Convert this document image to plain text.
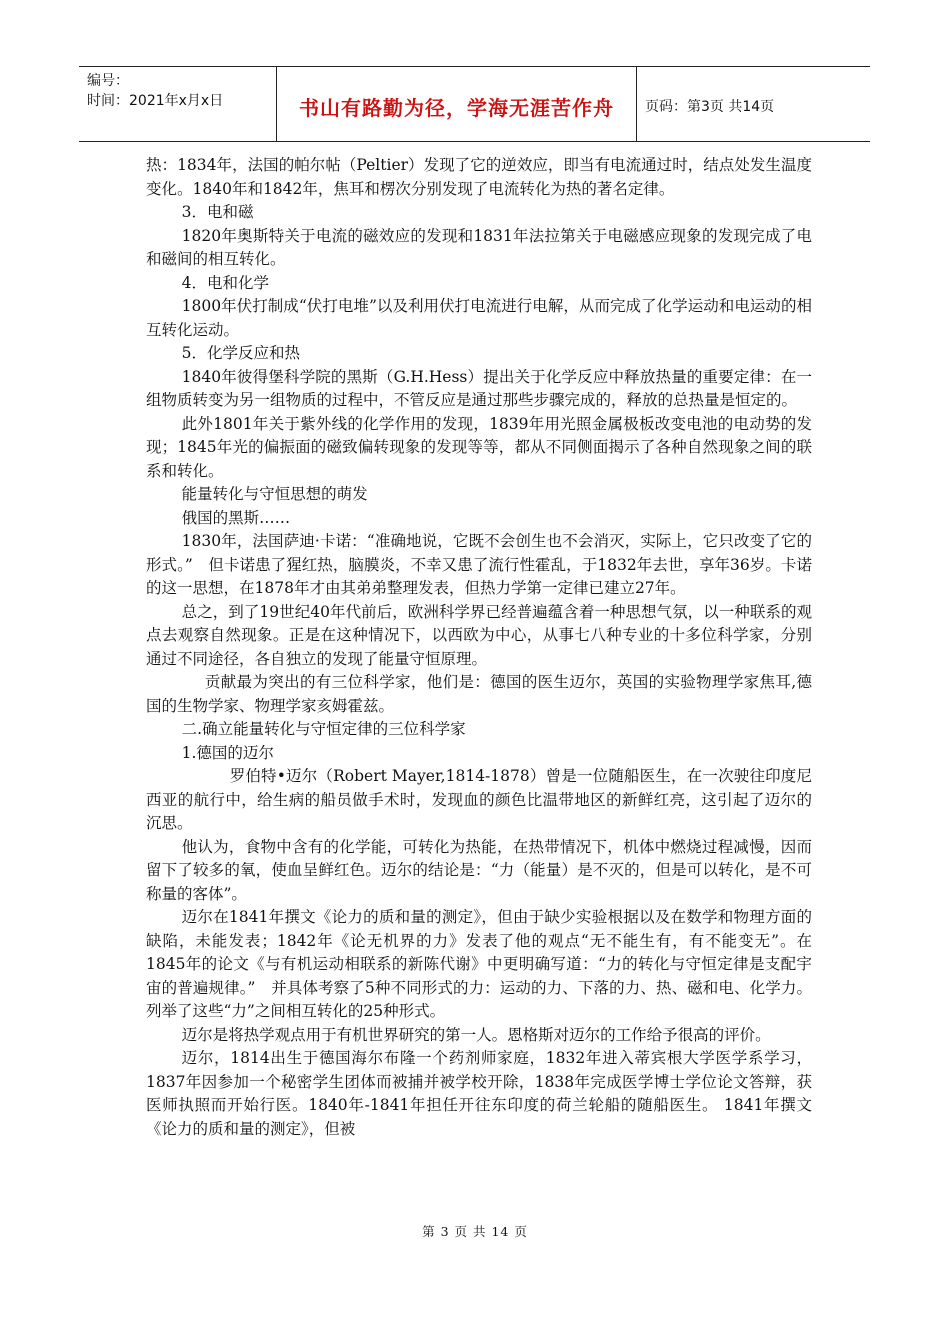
编号：
时间：2021年x月x日	书山有路勤为径，学海无涯苦作舟	页码：第3页 共14页

热：1834年，法国的帕尔帖（Peltier）发现了它的逆效应，即当有电流通过时，结点处发生温度变化。1840年和1842年，焦耳和楞次分别发现了电流转化为热的著名定律。

3．电和磁

1820年奥斯特关于电流的磁效应的发现和1831年法拉第关于电磁感应现象的发现完成了电和磁间的相互转化。

4．电和化学

1800年伏打制成“伏打电堆”以及利用伏打电流进行电解，从而完成了化学运动和电运动的相互转化运动。

5．化学反应和热

1840年彼得堡科学院的黑斯（G.H.Hess）提出关于化学反应中释放热量的重要定律：在一组物质转变为另一组物质的过程中，不管反应是通过那些步骤完成的，释放的总热量是恒定的。

此外1801年关于紫外线的化学作用的发现，1839年用光照金属极板改变电池的电动势的发现；1845年光的偏振面的磁致偏转现象的发现等等，都从不同侧面揭示了各种自然现象之间的联系和转化。

能量转化与守恒思想的萌发

俄国的黑斯……

1830年，法国萨迪·卡诺：“准确地说，它既不会创生也不会消灭，实际上，它只改变了它的形式。”　但卡诺患了猩红热，脑膜炎，不幸又患了流行性霍乱，于1832年去世，享年36岁。卡诺的这一思想，在1878年才由其弟弟整理发表，但热力学第一定律已建立27年。

总之，到了19世纪40年代前后，欧洲科学界已经普遍蕴含着一种思想气氛，以一种联系的观点去观察自然现象。正是在这种情况下，以西欧为中心，从事七八种专业的十多位科学家，分别通过不同途径，各自独立的发现了能量守恒原理。

贡献最为突出的有三位科学家，他们是：德国的医生迈尔，英国的实验物理学家焦耳,德国的生物学家、物理学家亥姆霍兹。

二.确立能量转化与守恒定律的三位科学家

1.德国的迈尔

罗伯特•迈尔（Robert Mayer,1814-1878）曾是一位随船医生，在一次驶往印度尼西亚的航行中，给生病的船员做手术时，发现血的颜色比温带地区的新鲜红亮，这引起了迈尔的沉思。

他认为，食物中含有的化学能，可转化为热能，在热带情况下，机体中燃烧过程减慢，因而留下了较多的氧，使血呈鲜红色。迈尔的结论是：“力（能量）是不灭的，但是可以转化，是不可称量的客体”。

迈尔在1841年撰文《论力的质和量的测定》，但由于缺少实验根据以及在数学和物理方面的缺陷，未能发表；1842年《论无机界的力》发表了他的观点“无不能生有，有不能变无”。在1845年的论文《与有机运动相联系的新陈代谢》中更明确写道：“力的转化与守恒定律是支配宇宙的普遍规律。”　并具体考察了5种不同形式的力：运动的力、下落的力、热、磁和电、化学力。列举了这些“力”之间相互转化的25种形式。

迈尔是将热学观点用于有机世界研究的第一人。恩格斯对迈尔的工作给予很高的评价。

迈尔，1814出生于德国海尔布隆一个药剂师家庭，1832年进入蒂宾根大学医学系学习，1837年因参加一个秘密学生团体而被捕并被学校开除，1838年完成医学博士学位论文答辩，获医师执照而开始行医。1840年-1841年担任开往东印度的荷兰轮船的随船医生。 1841年撰文《论力的质和量的测定》，但被

第 3 页 共 14 页
